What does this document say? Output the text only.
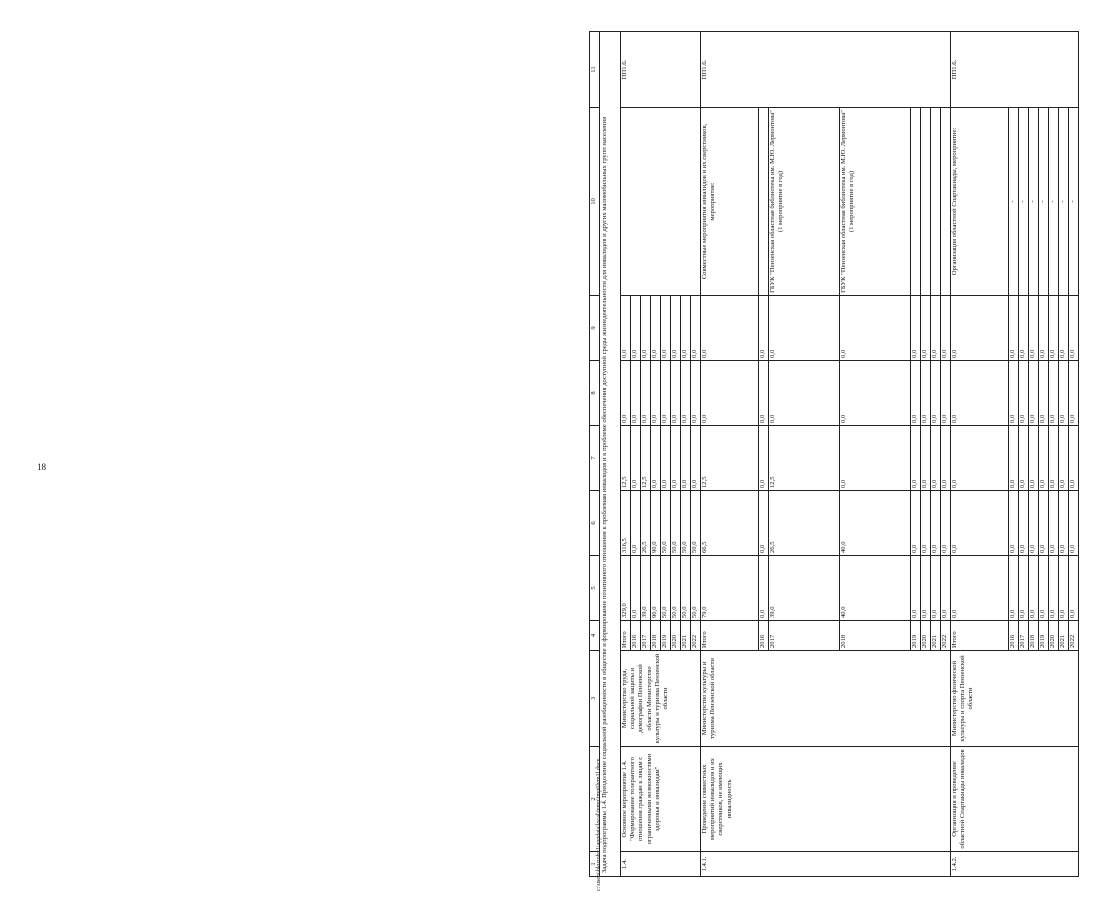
18
c:\users\hkuzob~1\appdata\local\temp\tmp6lvm1l.docx
1	2	3	4	5	6	7	8	9	10	11
Задача подпрограммы 1.4. Преодоление социальной разобщенности в обществе и формирование позитивного отношения к проблемам инвалидов и к проблеме обеспечения доступной среды жизнедеятельности для инвалидов и других маломобильных групп населения										
1.4.	Основное мероприятие 1.4. "Формирование толерантного отношения граждан к лицам с ограниченными возможностями здоровья и инвалидам"	Министерство труда, социальной защиты и демографии Пензенской области Министерство культуры и туризма Пензенской области	Итого	329,0	316,5	12,5	0,0	0,0		ПП1.6.
			2016	0,0	0,0	0,0	0,0	0,0		
			2017	39,0	26,5	12,5	0,0	0,0		
			2018	90,0	90,0	0,0	0,0	0,0		
			2019	50,0	50,0	0,0	0,0	0,0		
			2020	50,0	50,0	0,0	0,0	0,0		
			2021	50,0	50,0	0,0	0,0	0,0		
			2022	50,0	50,0	0,0	0,0	0,0		
1.4.1.	Проведение совместных мероприятий инвалидов и их сверстников, не имеющих инвалидность	Министерство культуры и туризма Пензенской области	Итого	79,0	66,5	12,5	0,0	0,0	Совместные мероприятия инвалидов и их сверстников, мероприятие:	ПП1.6.
			2016	0,0	0,0	0,0	0,0	0,0		
			2017	39,0	26,5	12,5	0,0	0,0	ГБУК "Пензенская областная библиотека им. М.Ю. Лермонтова" (1 мероприятие в год)	
			2018	40,0	40,0	0,0	0,0	0,0	ГБУК "Пензенская областная библиотека им. М.Ю. Лермонтова" (1 мероприятие в год)	
			2019	0,0	0,0	0,0	0,0	0,0		
			2020	0,0	0,0	0,0	0,0	0,0		
			2021	0,0	0,0	0,0	0,0	0,0		
			2022	0,0	0,0	0,0	0,0	0,0		
1.4.2.	Организация и проведение областной Спартакиады инвалидов	Министерство физической культуры и спорта Пензенской области	Итого	0,0	0,0	0,0	0,0	0,0	Организация областной Спартакиады, мероприятие:	ПП1.6.
			2016	0,0	0,0	0,0	0,0	0,0	-	
			2017	0,0	0,0	0,0	0,0	0,0	-	
			2018	0,0	0,0	0,0	0,0	0,0	-	
			2019	0,0	0,0	0,0	0,0	0,0	-	
			2020	0,0	0,0	0,0	0,0	0,0	-	
			2021	0,0	0,0	0,0	0,0	0,0	-	
			2022	0,0	0,0	0,0	0,0	0,0	-	
